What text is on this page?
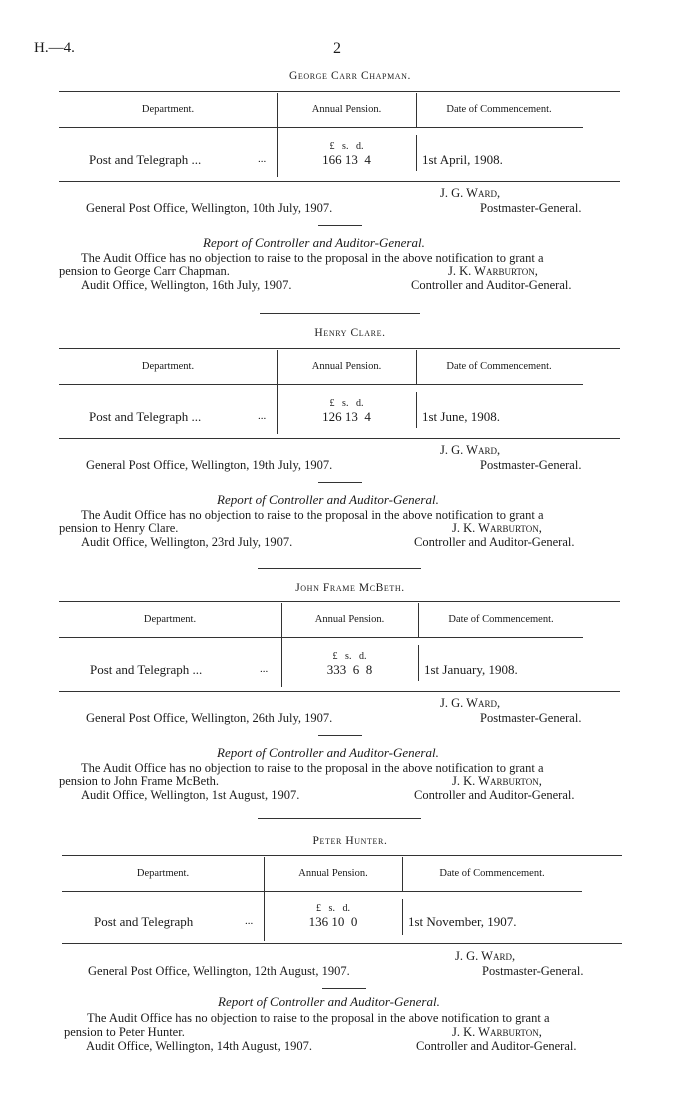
H.—4.	2
George Carr Chapman.
Department.	Annual Pension.	Date of Commencement.
£   s.   d.
Post and Telegraph ...	...	166 13  4	1st April, 1908.
J. G. Ward,
Postmaster-General.
General Post Office, Wellington, 10th July, 1907.
Report of Controller and Auditor-General.
The Audit Office has no objection to raise to the proposal in the above notification to grant a
pension to George Carr Chapman.	J. K. Warburton,
Audit Office, Wellington, 16th July, 1907.	Controller and Auditor-General.
Henry Clare.
Department.	Annual Pension.	Date of Commencement.
£   s.   d.
Post and Telegraph ...	...	126 13  4	1st June, 1908.
J. G. Ward,
Postmaster-General.
General Post Office, Wellington, 19th July, 1907.
Report of Controller and Auditor-General.
The Audit Office has no objection to raise to the proposal in the above notification to grant a
pension to Henry Clare.	J. K. Warburton,
Audit Office, Wellington, 23rd July, 1907.	Controller and Auditor-General.
John Frame McBeth.
Department.	Annual Pension.	Date of Commencement.
£   s.   d.
Post and Telegraph ...	...	333  6  8	1st January, 1908.
J. G. Ward,
Postmaster-General.
General Post Office, Wellington, 26th July, 1907.
Report of Controller and Auditor-General.
The Audit Office has no objection to raise to the proposal in the above notification to grant a
pension to John Frame McBeth.	J. K. Warburton,
Audit Office, Wellington, 1st August, 1907.	Controller and Auditor-General.
Peter Hunter.
Department.	Annual Pension.	Date of Commencement.
£   s.   d.
Post and Telegraph	...	136 10  0	1st November, 1907.
J. G. Ward,
Postmaster-General.
General Post Office, Wellington, 12th August, 1907.
Report of Controller and Auditor-General.
The Audit Office has no objection to raise to the proposal in the above notification to grant a
pension to Peter Hunter.	J. K. Warburton,
Audit Office, Wellington, 14th August, 1907.	Controller and Auditor-General.
